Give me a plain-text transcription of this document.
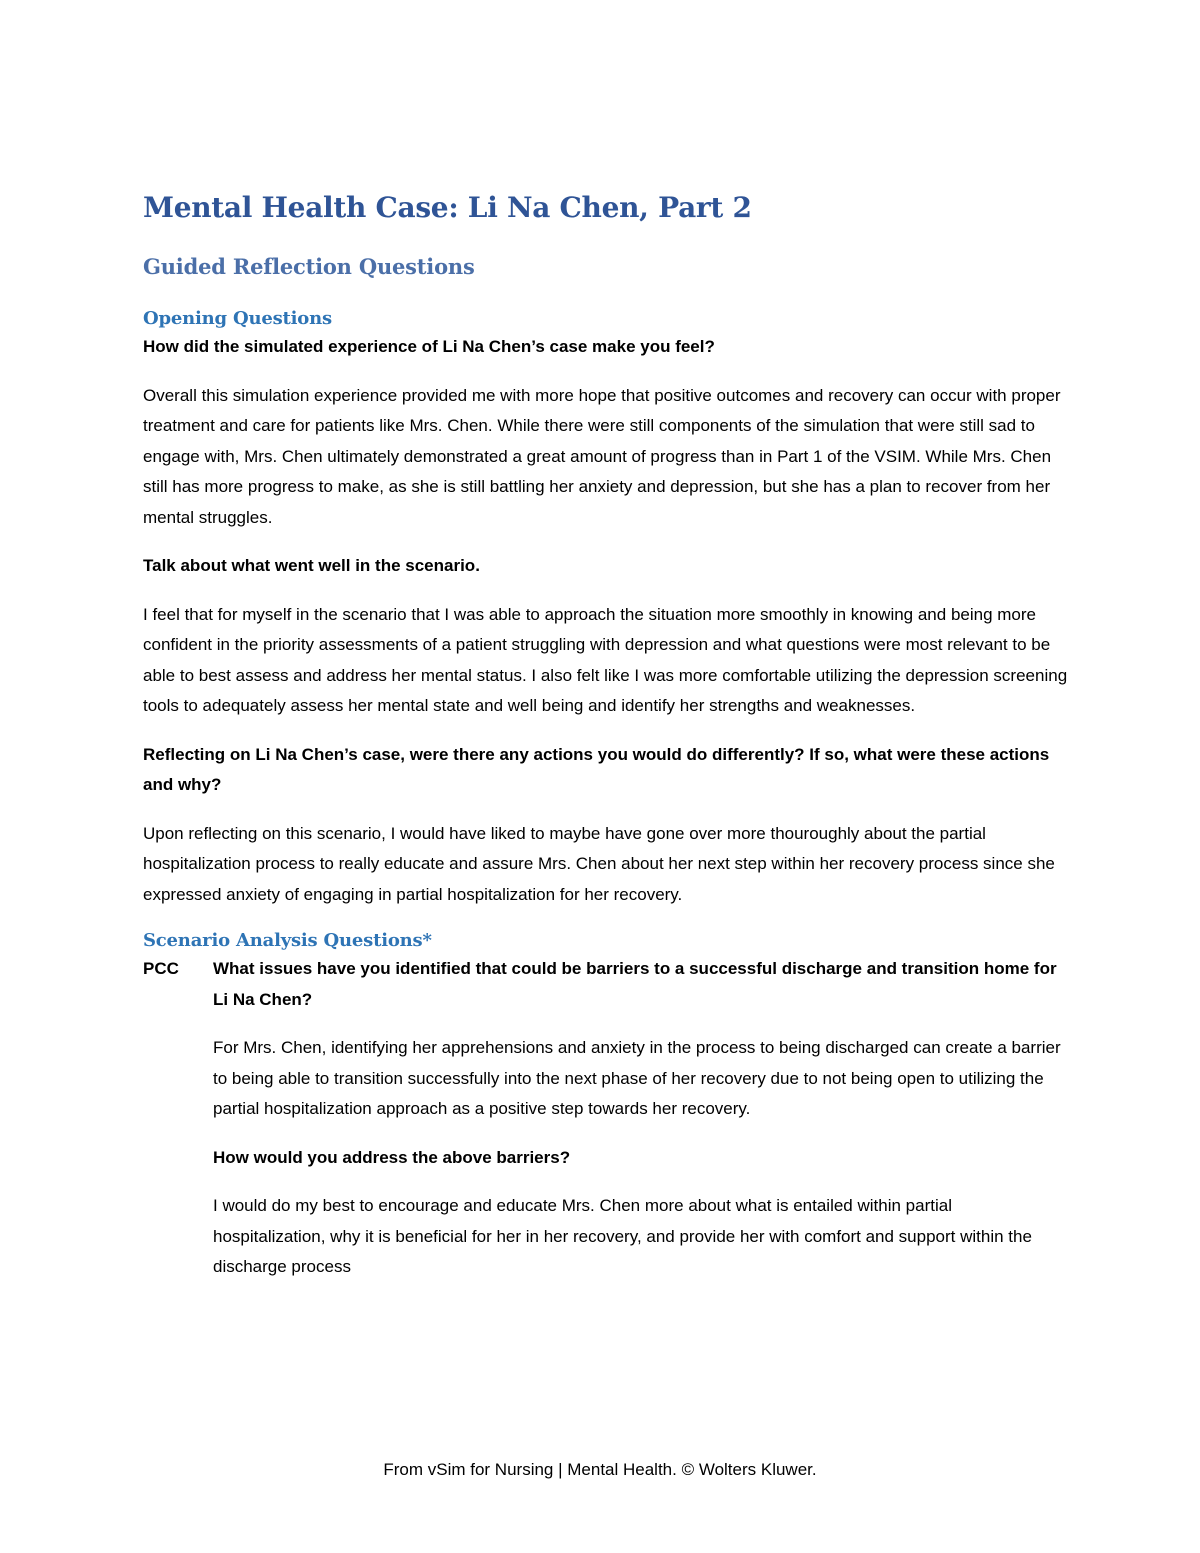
Mental Health Case: Li Na Chen, Part 2
Guided Reflection Questions
Opening Questions

How did the simulated experience of Li Na Chen’s case make you feel?

Overall this simulation experience provided me with more hope that positive outcomes and recovery can occur with proper treatment and care for patients like Mrs. Chen. While there were still components of the simulation that were still sad to engage with, Mrs. Chen ultimately demonstrated a great amount of progress than in Part 1 of the VSIM. While Mrs. Chen still has more progress to make, as she is still battling her anxiety and depression, but she has a plan to recover from her mental struggles.

Talk about what went well in the scenario.

I feel that for myself in the scenario that I was able to approach the situation more smoothly in knowing and being more confident in the priority assessments of a patient struggling with depression and what questions were most relevant to be able to best assess and address her mental status. I also felt like I was more comfortable utilizing the depression screening tools to adequately assess her mental state and well being and identify her strengths and weaknesses.

Reflecting on Li Na Chen’s case, were there any actions you would do differently? If so, what were these actions and why?

Upon reflecting on this scenario, I would have liked to maybe have gone over more thouroughly about the partial hospitalization process to really educate and assure Mrs. Chen about her next step within her recovery process since she expressed anxiety of engaging in partial hospitalization for her recovery.

Scenario Analysis Questions*
PCC	What issues have you identified that could be barriers to a successful discharge and transition home for Li Na Chen?

For Mrs. Chen, identifying her apprehensions and anxiety in the process to being discharged can create a barrier to being able to transition successfully into the next phase of her recovery due to not being open to utilizing the partial hospitalization approach as a positive step towards her recovery.

How would you address the above barriers?

I would do my best to encourage and educate Mrs. Chen more about what is entailed within partial hospitalization, why it is beneficial for her in her recovery, and provide her with comfort and support within the discharge process

From vSim for Nursing | Mental Health. © Wolters Kluwer.
